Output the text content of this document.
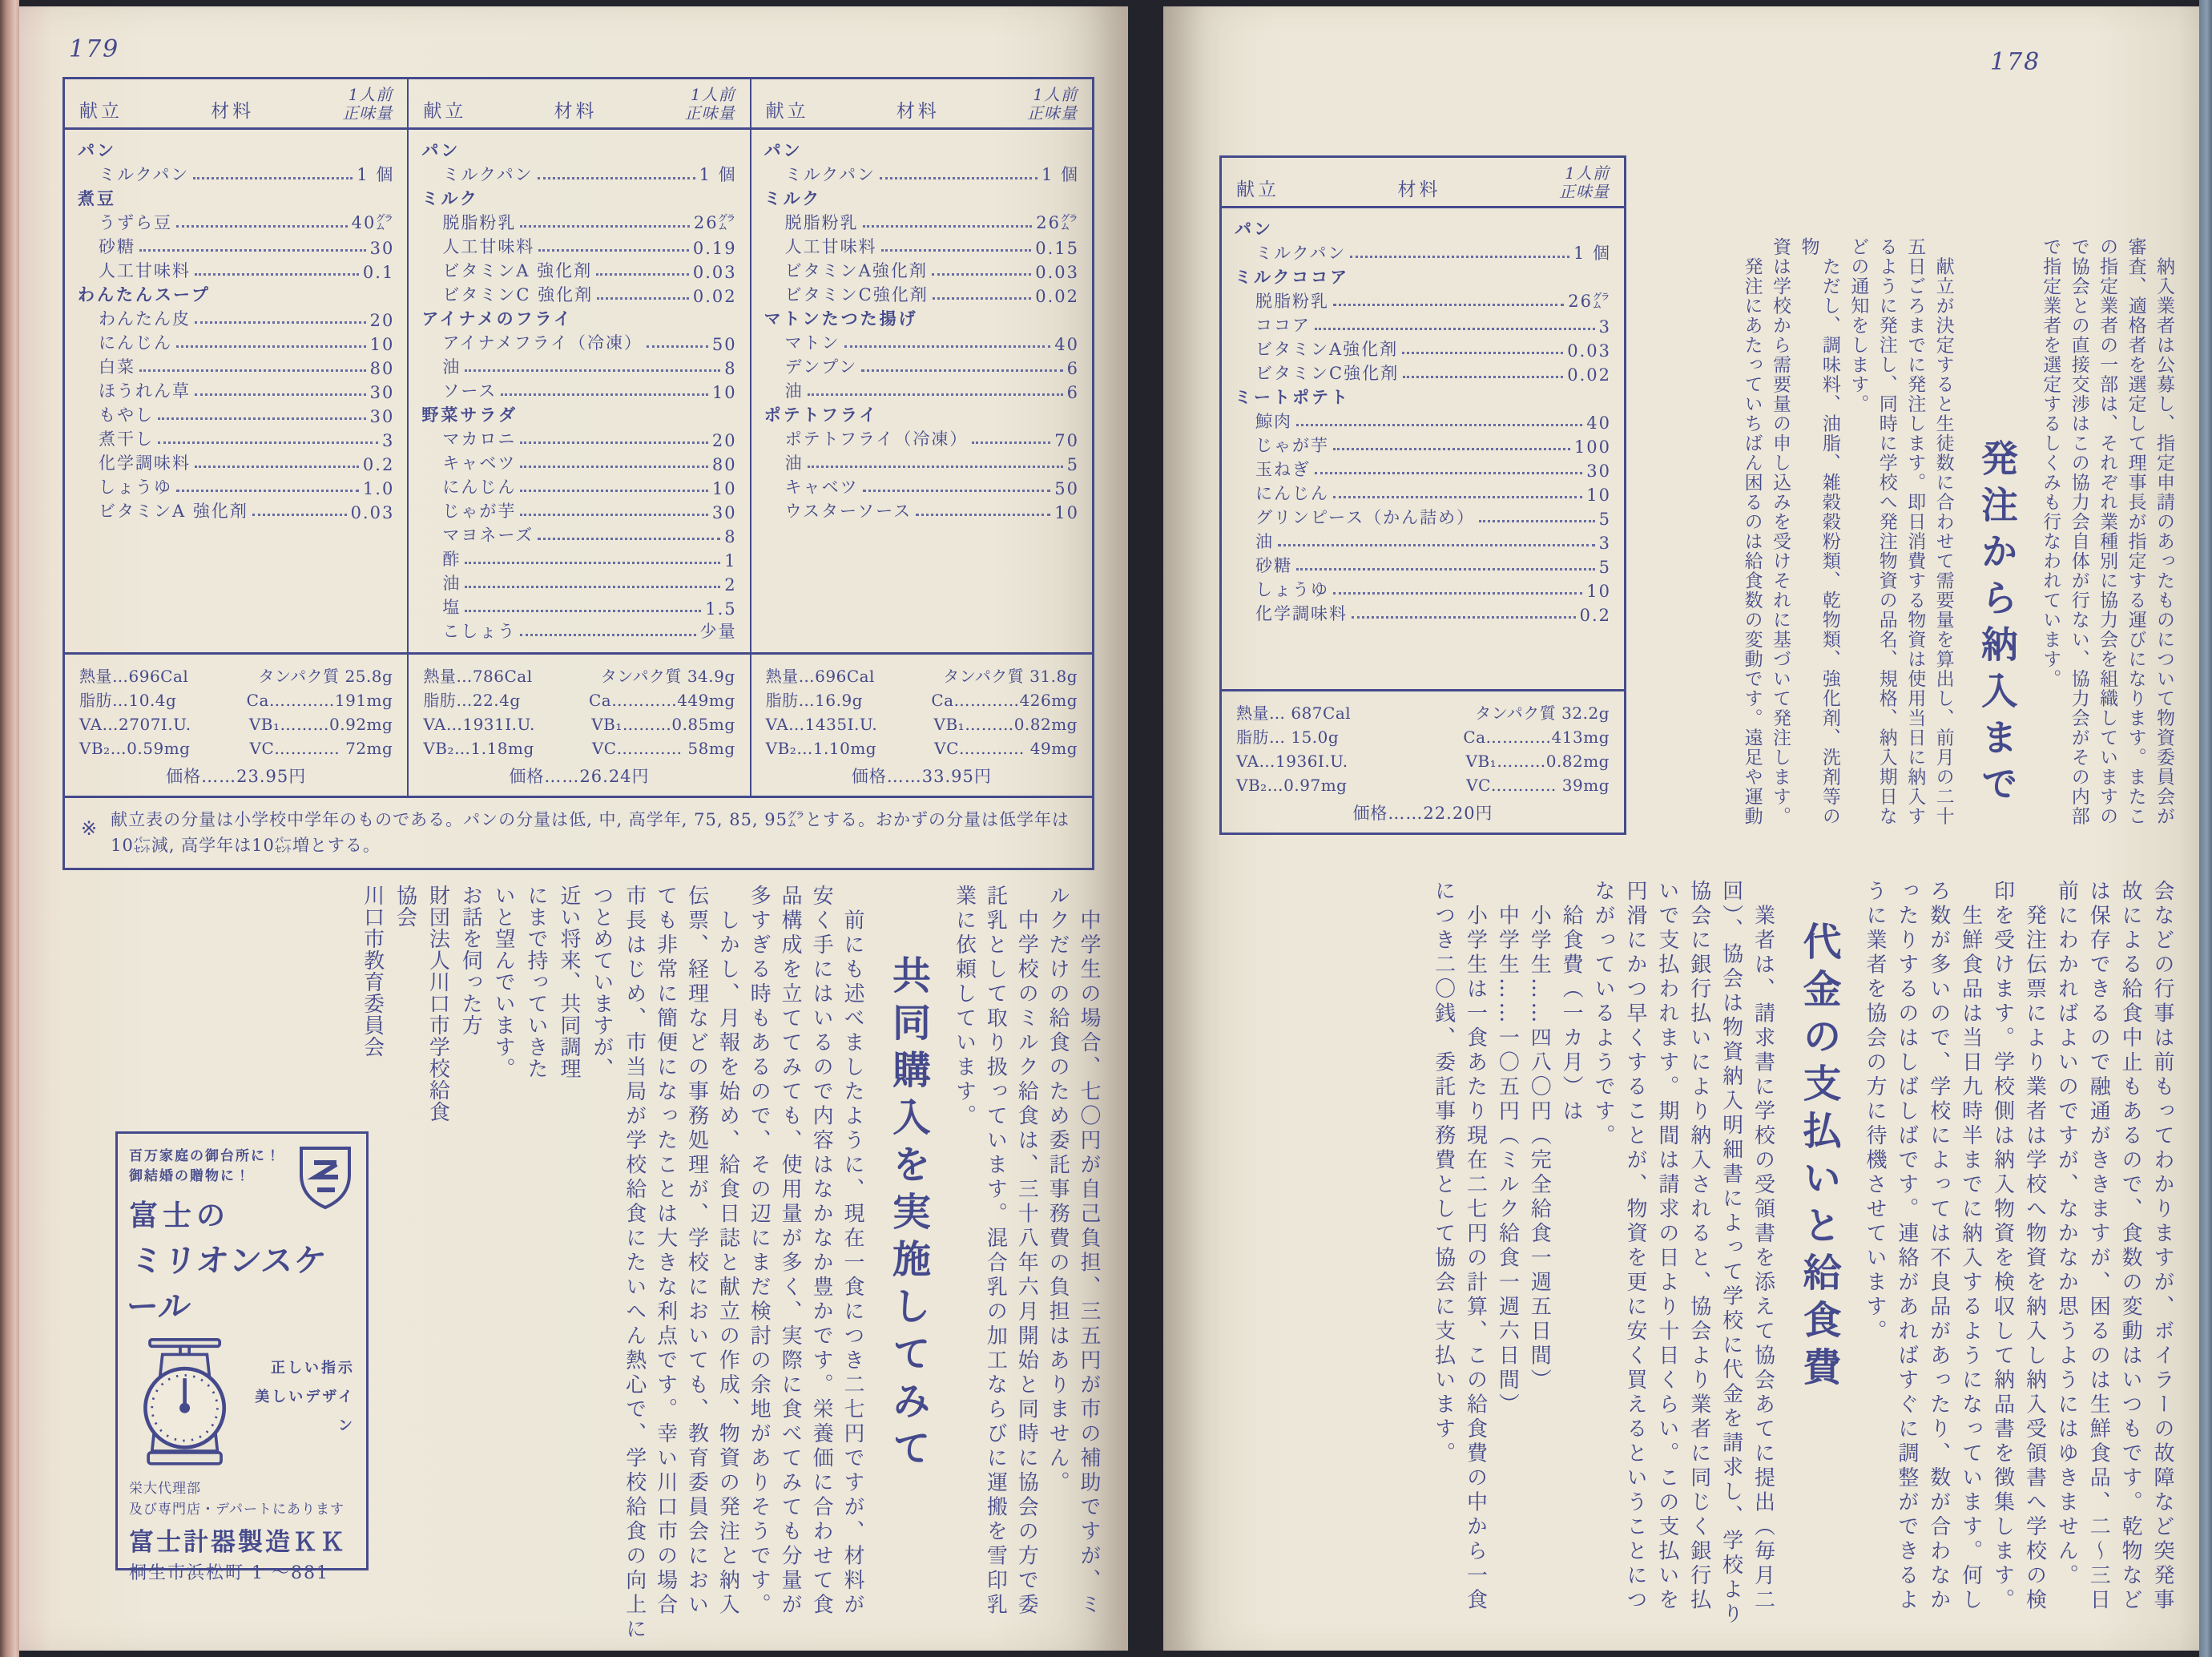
179
献立	材料
1人前
正味量
パン
ミルクパン	1 個
煮豆
うずら豆	40㌘
砂糖	30
人工甘味料	0.1
わんたんスープ
わんたん皮	20
にんじん	10
白菜	80
ほうれん草	30
もやし	30
煮干し	3
化学調味料	0.2
しょうゆ	1.0
ビタミンA 強化剤	0.03
熱量…696Cal	タンパク質 25.8g
脂肪…10.4g	Ca…………191mg
VA…2707I.U.	VB₁………0.92mg
VB₂…0.59mg	VC………… 72mg
価格……23.95円
献立	材料
1人前
正味量
パン
ミルクパン	1 個
ミルク
脱脂粉乳	26㌘
人工甘味料	0.19
ビタミンA 強化剤	0.03
ビタミンC 強化剤	0.02
アイナメのフライ
アイナメフライ（冷凍）	50
油	8
ソース	10
野菜サラダ
マカロニ	20
キャベツ	80
にんじん	10
じゃが芋	30
マヨネーズ	8
酢	1
油	2
塩	1.5
こしょう	少量
熱量…786Cal	タンパク質 34.9g
脂肪…22.4g	Ca…………449mg
VA…1931I.U.	VB₁………0.85mg
VB₂…1.18mg	VC………… 58mg
価格……26.24円
献立	材料
1人前
正味量
パン
ミルクパン	1 個
ミルク
脱脂粉乳	26㌘
人工甘味料	0.15
ビタミンA強化剤	0.03
ビタミンC強化剤	0.02
マトンたつた揚げ
マトン	40
デンプン	6
油	6
ポテトフライ
ポテトフライ（冷凍）	70
油	5
キャベツ	50
ウスターソース	10
熱量…696Cal	タンパク質 31.8g
脂肪…16.9g	Ca…………426mg
VA…1435I.U.	VB₁………0.82mg
VB₂…1.10mg	VC………… 49mg
価格……33.95円
※ 献立表の分量は小学校中学年のものである。パンの分量は低, 中, 高学年, 75, 85, 95㌘とする。おかずの分量は低学年は10㌫減, 高学年は10㌫増とする。

　中学生の場合、七〇円が自己負担、三五円が市の補助ですが、ミ

ルクだけの給食のため委託事務費の負担はありません。

　中学校のミルク給食は、三十八年六月開始と同時に協会の方で委

託乳として取り扱っています。混合乳の加工ならびに運搬を雪印乳

業に依頼しています。

共同購入を実施してみて

　前にも述べましたように、現在一食につき二七円ですが、材料が

安く手にはいるので内容はなかなか豊かです。栄養価に合わせて食

品構成を立ててみても、使用量が多く、実際に食べてみても分量が

多すぎる時もあるので、その辺にまだ検討の余地がありそうです。

　しかし、月報を始め、給食日誌と献立の作成、物資の発注と納入

伝票、経理などの事務処理が、学校においても、教育委員会におい

ても非常に簡便になったことは大きな利点です。幸い川口市の場合

市長はじめ、市当局が学校給食にたいへん熱心で、学校給食の向上に

つとめていますが、

近い将来、共同調理

にまで持っていきた

いと望んでいます。

お話を伺った方

財団法人川口市学校給食

協会

川口市教育委員会

百万家庭の御台所に！
御結婚の贈物に！
富士の
ミリオンスケール
正しい指示
美しいデザイン
栄大代理部
及び専門店・デパートにあります
富士計器製造ＫＫ
桐生市浜松町 1 〜881
178
献立	材料
1人前
正味量
パン
ミルクパン	1 個
ミルクココア
脱脂粉乳	26㌘
ココア	3
ビタミンA強化剤	0.03
ビタミンC強化剤	0.02
ミートポテト
鯨肉	40
じゃが芋	100
玉ねぎ	30
にんじん	10
グリンピース（かん詰め）	5
油	3
砂糖	5
しょうゆ	10
化学調味料	0.2
熱量… 687Cal	タンパク質 32.2g
脂肪… 15.0g	Ca…………413mg
VA…1936I.U.	VB₁………0.82mg
VB₂…0.97mg	VC………… 39mg
価格……22.20円	　納入業者は公募し、指定申請のあったものについて物資委員会が

審査、適格者を選定して理事長が指定する運びになります。またこ

の指定業者の一部は、それぞれ業種別に協力会を組織していますの

で協会との直接交渉はこの協力会自体が行ない、協力会がその内部

で指定業者を選定するしくみも行なわれています。

発注から納入まで

　献立が決定すると生徒数に合わせて需要量を算出し、前月の二十

五日ごろまでに発注します。即日消費する物資は使用当日に納入す

るように発注し、同時に学校へ発注物資の品名、規格、納入期日な

どの通知をします。

　ただし、調味料、油脂、雑穀穀粉類、乾物類、強化剤、洗剤等の物

資は学校から需要量の申し込みを受けそれに基づいて発注します。

　発注にあたっていちばん困るのは給食数の変動です。遠足や運動

会などの行事は前もってわかりますが、ボイラーの故障など突発事

故による給食中止もあるので、食数の変動はいつもです。乾物など

は保存できるので融通がききますが、困るのは生鮮食品、二〜三日

前にわかればよいのですが、なかなか思うようにはゆきません。

　発注伝票により業者は学校へ物資を納入し納入受領書へ学校の検

印を受けます。学校側は納入物資を検収して納品書を徴集します。

　生鮮食品は当日九時半までに納入するようになっています。何し

ろ数が多いので、学校によっては不良品があったり、数が合わなか

ったりするのはしばしばです。連絡があればすぐに調整ができるよ

うに業者を協会の方に待機させています。

代金の支払いと給食費

　業者は、請求書に学校の受領書を添えて協会あてに提出（毎月二

回）、協会は物資納入明細書によって学校に代金を請求し、学校より

協会に銀行払いにより納入されると、協会より業者に同じく銀行払

いで支払われます。期間は請求の日より十日くらい。この支払いを

円滑にかつ早くすることが、物資を更に安く買えるということにつ

ながっているようです。

　給食費（一カ月）は

　小学生……四八〇円（完全給食一週五日間）

　中学生……一〇五円（ミルク給食一週六日間）

　小学生は一食あたり現在二七円の計算、この給食費の中から一食

につき二〇銭、委託事務費として協会に支払います。
